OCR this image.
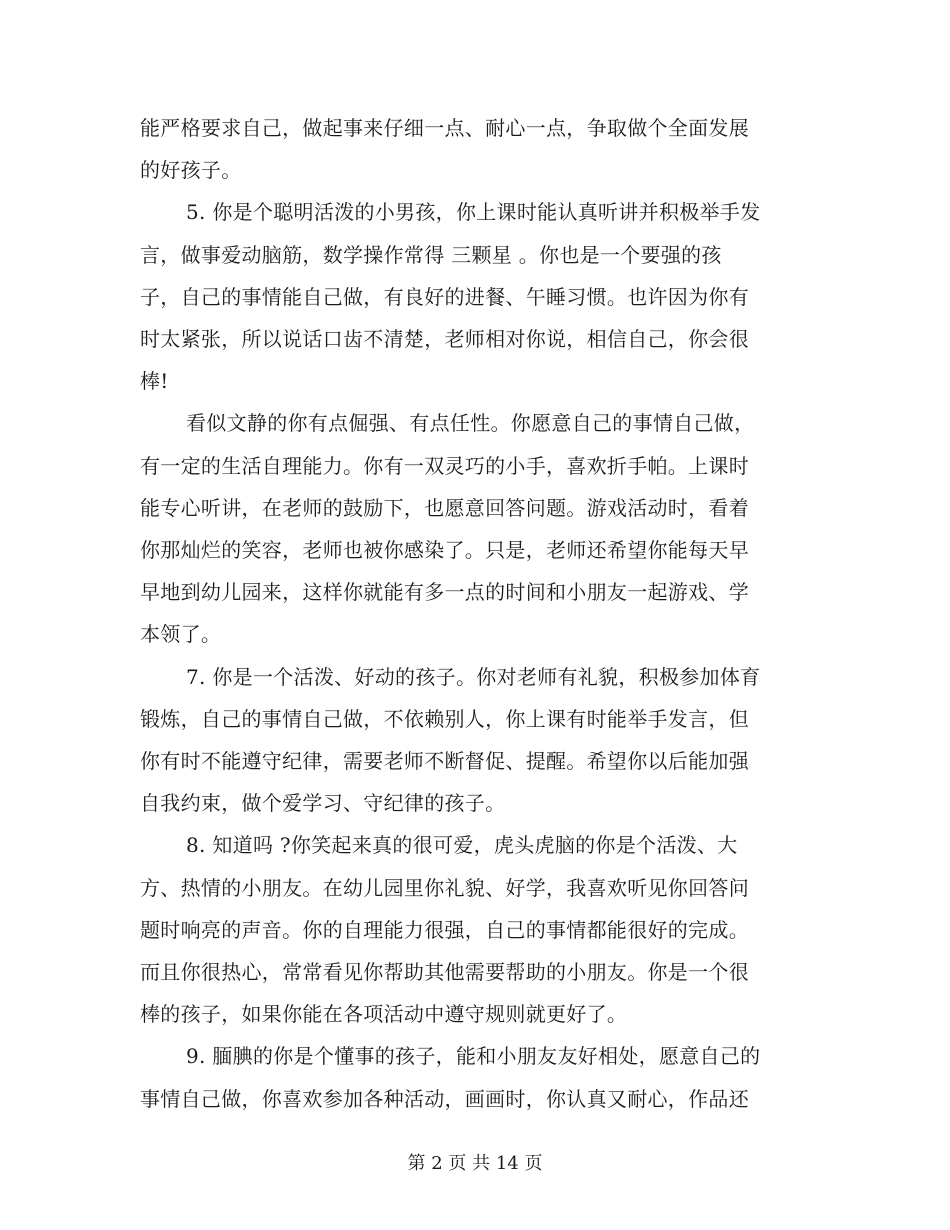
能严格要求自己，做起事来仔细一点、耐心一点，争取做个全面发展
的好孩子。
5. 你是个聪明活泼的小男孩，你上课时能认真听讲并积极举手发
言，做事爱动脑筋，数学操作常得 三颗星 。你也是一个要强的孩
子，自己的事情能自己做，有良好的进餐、午睡习惯。也许因为你有
时太紧张，所以说话口齿不清楚，老师相对你说，相信自己，你会很
棒!
看似文静的你有点倔强、有点任性。你愿意自己的事情自己做，
有一定的生活自理能力。你有一双灵巧的小手，喜欢折手帕。上课时
能专心听讲，在老师的鼓励下，也愿意回答问题。游戏活动时，看着
你那灿烂的笑容，老师也被你感染了。只是，老师还希望你能每天早
早地到幼儿园来，这样你就能有多一点的时间和小朋友一起游戏、学
本领了。
7. 你是一个活泼、好动的孩子。你对老师有礼貌，积极参加体育
锻炼，自己的事情自己做，不依赖别人，你上课有时能举手发言，但
你有时不能遵守纪律，需要老师不断督促、提醒。希望你以后能加强
自我约束，做个爱学习、守纪律的孩子。
8. 知道吗 ?你笑起来真的很可爱，虎头虎脑的你是个活泼、大
方、热情的小朋友。在幼儿园里你礼貌、好学，我喜欢听见你回答问
题时响亮的声音。你的自理能力很强，自己的事情都能很好的完成。
而且你很热心，常常看见你帮助其他需要帮助的小朋友。你是一个很
棒的孩子，如果你能在各项活动中遵守规则就更好了。
9. 腼腆的你是个懂事的孩子，能和小朋友友好相处，愿意自己的
事情自己做，你喜欢参加各种活动，画画时，你认真又耐心，作品还
第 2 页 共 14 页
